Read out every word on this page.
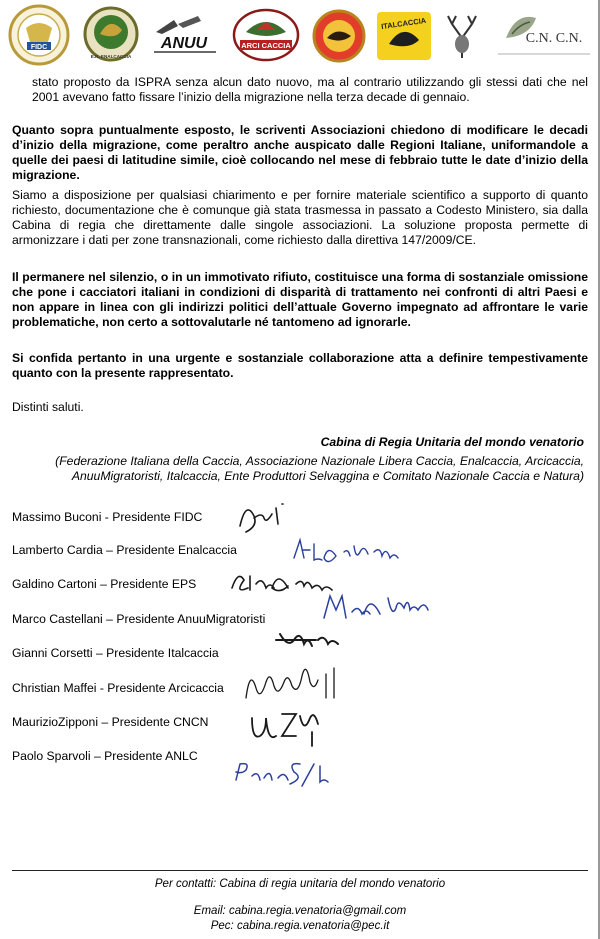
FIDC
E.N. ENALCACCIA
ANUU	ARCI CACCIA
ITALCACCIA
C.N. C.N.

stato proposto da ISPRA senza alcun dato nuovo, ma al contrario utilizzando gli stessi dati che nel 2001 avevano fatto fissare l’inizio della migrazione nella terza decade di gennaio.

Quanto sopra puntualmente esposto, le scriventi Associazioni chiedono di modificare le decadi d’inizio della migrazione, come peraltro anche auspicato dalle Regioni Italiane, uniformandole a quelle dei paesi di latitudine simile, cioè collocando nel mese di febbraio tutte le date d’inizio della migrazione.

Siamo a disposizione per qualsiasi chiarimento e per fornire materiale scientifico a supporto di quanto richiesto, documentazione che è comunque già stata trasmessa in passato a Codesto Ministero, sia dalla Cabina di regia che direttamente dalle singole associazioni. La soluzione proposta permette di armonizzare i dati per zone transnazionali, come richiesto dalla direttiva 147/2009/CE.

Il permanere nel silenzio, o in un immotivato rifiuto, costituisce una forma di sostanziale omissione che pone i cacciatori italiani in condizioni di disparità di trattamento nei confronti di altri Paesi e non appare in linea con gli indirizzi politici dell’attuale Governo impegnato ad affrontare le varie problematiche, non certo a sottovalutarle né tantomeno ad ignorarle.

Si confida pertanto in una urgente e sostanziale collaborazione atta a definire tempestivamente quanto con la presente rappresentato.

Distinti saluti.

Cabina di Regia Unitaria del mondo venatorio
(Federazione Italiana della Caccia, Associazione Nazionale Libera Caccia, Enalcaccia, Arcicaccia,
AnuuMigratoristi, Italcaccia, Ente Produttori Selvaggina e Comitato Nazionale Caccia e Natura)
Massimo Buconi - Presidente FIDC
Lamberto Cardia – Presidente Enalcaccia
Galdino Cartoni – Presidente EPS
Marco Castellani – Presidente AnuuMigratoristi
Gianni Corsetti – Presidente Italcaccia
Christian Maffei - Presidente Arcicaccia
MaurizioZipponi – Presidente CNCN
Paolo Sparvoli – Presidente ANLC
Per contatti: Cabina di regia unitaria del mondo venatorio
Email: cabina.regia.venatoria@gmail.com
Pec: cabina.regia.venatoria@pec.it
